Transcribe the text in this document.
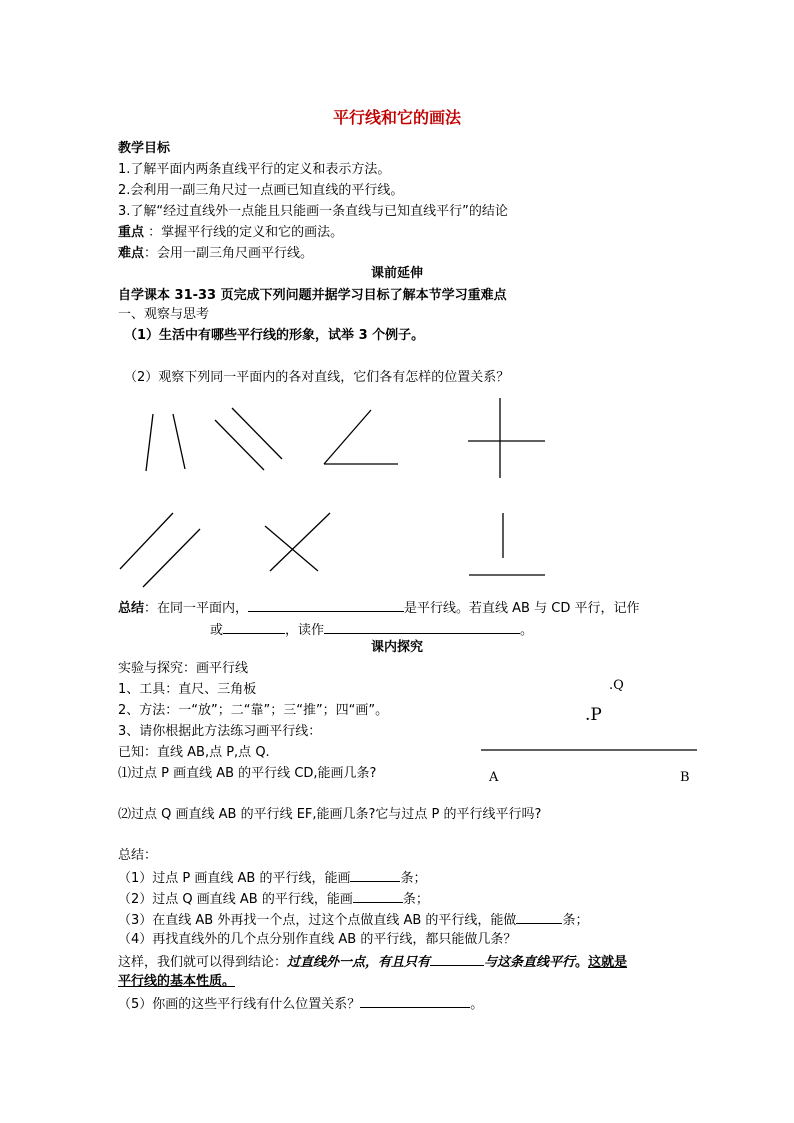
平行线和它的画法
教学目标
1.了解平面内两条直线平行的定义和表示方法。
2.会利用一副三角尺过一点画已知直线的平行线。
3.了解“经过直线外一点能且只能画一条直线与已知直线平行”的结论
重点 ：掌握平行线的定义和它的画法。
难点：会用一副三角尺画平行线。
课前延伸
自学课本 31-33 页完成下列问题并据学习目标了解本节学习重难点
一、观察与思考
（1）生活中有哪些平行线的形象，试举 3 个例子。
（2）观察下列同一平面内的各对直线，它们各有怎样的位置关系？
总结：在同一平面内，	是平行线。若直线 AB 与 CD 平行，记作
或	，读作	。
课内探究
实验与探究：画平行线
1、工具：直尺、三角板
2、方法：一“放”；二“靠”；三“推”；四“画”。
3、请你根据此方法练习画平行线：
已知：直线 AB,点 P,点 Q.
⑴过点 P 画直线 AB 的平行线 CD,能画几条?
⑵过点 Q 画直线 AB 的平行线 EF,能画几条?它与过点 P 的平行线平行吗?
.Q
.P
A	B
总结：
（1）过点 P 画直线 AB 的平行线，能画	条；
（2）过点 Q 画直线 AB 的平行线，能画	条；
（3）在直线 AB 外再找一个点，过这个点做直线 AB 的平行线，能做	条；
（4）再找直线外的几个点分别作直线 AB 的平行线，都只能做几条？
这样，我们就可以得到结论：过直线外一点，有且只有	与这条直线平行。这就是
平行线的基本性质。
（5）你画的这些平行线有什么位置关系？	。
